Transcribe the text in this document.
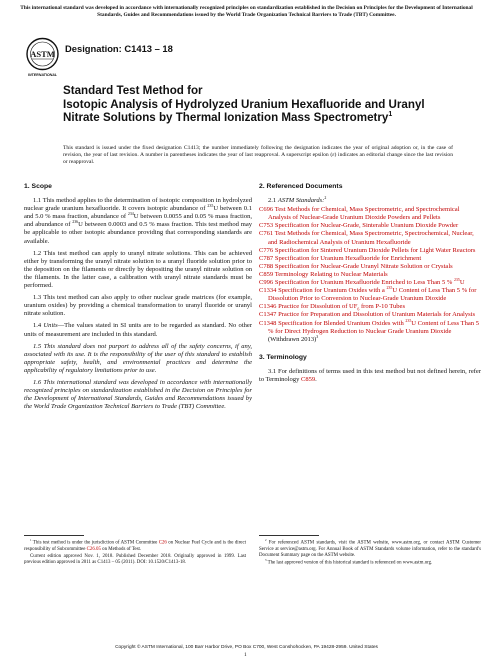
This international standard was developed in accordance with internationally recognized principles on standardization established in the Decision on Principles for the Development of International Standards, Guides and Recommendations issued by the World Trade Organization Technical Barriers to Trade (TBT) Committee.
ASTM
INTERNATIONAL
Designation: C1413 – 18
Standard Test Method for
Isotopic Analysis of Hydrolyzed Uranium Hexafluoride and Uranyl Nitrate Solutions by Thermal Ionization Mass Spectrometry$^1$
This standard is issued under the fixed designation C1413; the number immediately following the designation indicates the year of original adoption or, in the case of revision, the year of last revision. A number in parentheses indicates the year of last reapproval. A superscript epsilon (ε) indicates an editorial change since the last revision or reapproval.
1. Scope

1.1 This method applies to the determination of isotopic composition in hydrolyzed nuclear grade uranium hexafluoride. It covers isotopic abundance of $^{235}$U between 0.1 and 5.0 % mass fraction, abundance of $^{234}$U between 0.0055 and 0.05 % mass fraction, and abundance of $^{236}$U between 0.0003 and 0.5 % mass fraction. This test method may be applicable to other isotopic abundance providing that corresponding standards are available.

1.2 This test method can apply to uranyl nitrate solutions. This can be achieved either by transforming the uranyl nitrate solution to a uranyl fluoride solution prior to the deposition on the filaments or directly by depositing the uranyl nitrate solution on the filaments. In the latter case, a calibration with uranyl nitrate standards must be performed.

1.3 This test method can also apply to other nuclear grade matrices (for example, uranium oxides) by providing a chemical transformation to uranyl fluoride or uranyl nitrate solution.

1.4 Units—The values stated in SI units are to be regarded as standard. No other units of measurement are included in this standard.

1.5 This standard does not purport to address all of the safety concerns, if any, associated with its use. It is the responsibility of the user of this standard to establish appropriate safety, health, and environmental practices and determine the applicability of regulatory limitations prior to use.

1.6 This international standard was developed in accordance with internationally recognized principles on standardization established in the Decision on Principles for the Development of International Standards, Guides and Recommendations issued by the World Trade Organization Technical Barriers to Trade (TBT) Committee.

2. Referenced Documents

2.1 ASTM Standards:$^2$

C696 Test Methods for Chemical, Mass Spectrometric, and Spectrochemical Analysis of Nuclear-Grade Uranium Dioxide Powders and Pellets
C753 Specification for Nuclear-Grade, Sinterable Uranium Dioxide Powder
C761 Test Methods for Chemical, Mass Spectrometric, Spectrochemical, Nuclear, and Radiochemical Analysis of Uranium Hexafluoride
C776 Specification for Sintered Uranium Dioxide Pellets for Light Water Reactors
C787 Specification for Uranium Hexafluoride for Enrichment
C788 Specification for Nuclear-Grade Uranyl Nitrate Solution or Crystals
C859 Terminology Relating to Nuclear Materials
C996 Specification for Uranium Hexafluoride Enriched to Less Than 5 % $^{235}$U
C1334 Specification for Uranium Oxides with a $^{235}$U Content of Less Than 5 % for Dissolution Prior to Conversion to Nuclear-Grade Uranium Dioxide
C1346 Practice for Dissolution of $UF_6$ from P-10 Tubes
C1347 Practice for Preparation and Dissolution of Uranium Materials for Analysis
C1348 Specification for Blended Uranium Oxides with $^{235}$U Content of Less Than 5 % for Direct Hydrogen Reduction to Nuclear Grade Uranium Dioxide (Withdrawn 2013)$^3$
3. Terminology

3.1 For definitions of terms used in this test method but not defined herein, refer to Terminology C859.

$^1$ This test method is under the jurisdiction of ASTM Committee C26 on Nuclear Fuel Cycle and is the direct responsibility of Subcommittee C26.05 on Methods of Test.

Current edition approved Nov. 1, 2018. Published December 2018. Originally approved in 1999. Last previous edition approved in 2011 as C1413 – 05 (2011). DOI: 10.1520/C1413-18.

$^2$ For referenced ASTM standards, visit the ASTM website, www.astm.org, or contact ASTM Customer Service at service@astm.org. For Annual Book of ASTM Standards volume information, refer to the standard's Document Summary page on the ASTM website.

$^3$ The last approved version of this historical standard is referenced on www.astm.org.

Copyright © ASTM International, 100 Barr Harbor Drive, PO Box C700, West Conshohocken, PA 19428-2959. United States
1
